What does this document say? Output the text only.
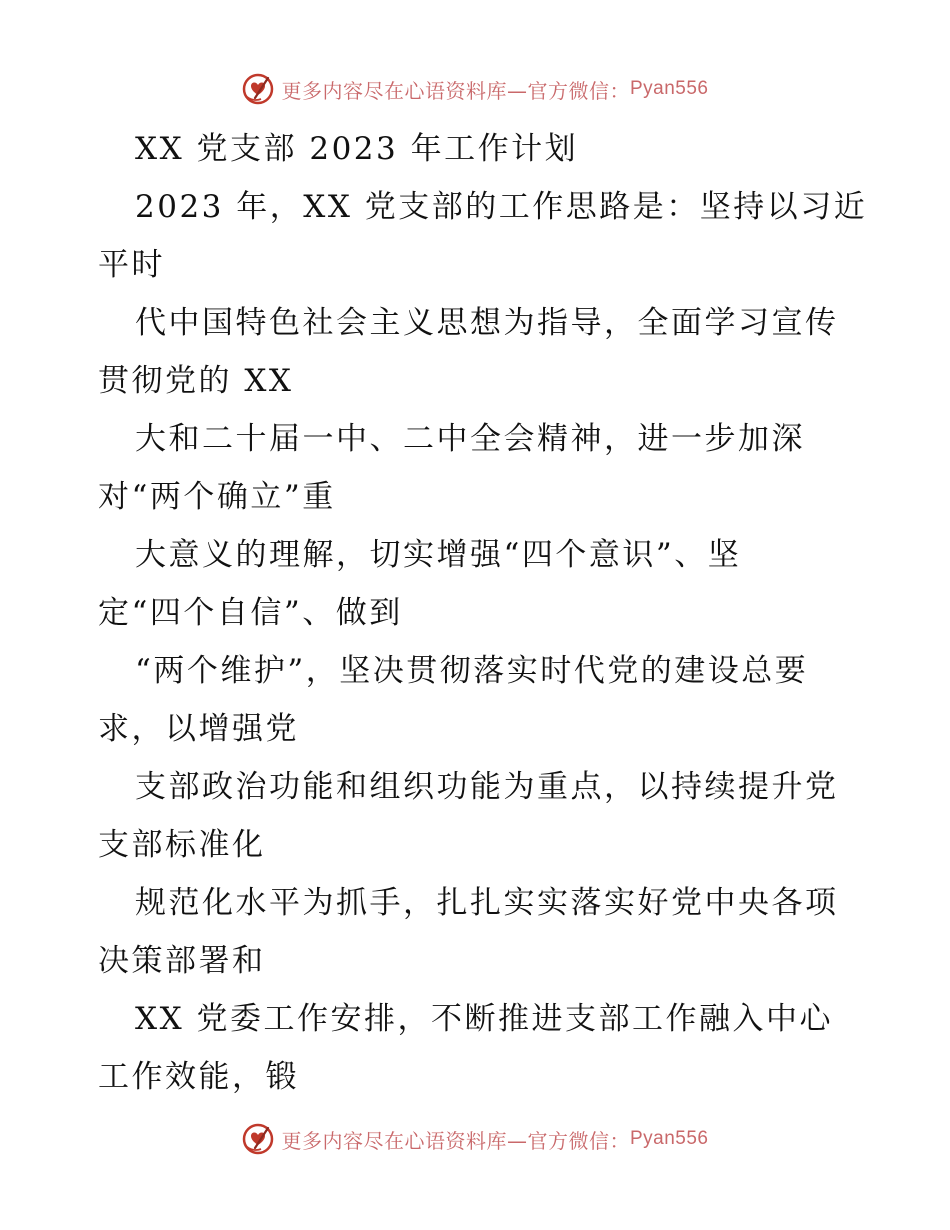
更多内容尽在心语资料库—官方微信： Pyan556
XX 党支部 2023 年工作计划
2023 年，XX 党支部的工作思路是：坚持以习近
平时
代中国特色社会主义思想为指导，全面学习宣传
贯彻党的 XX
大和二十届一中、二中全会精神，进一步加深
对“两个确立”重
大意义的理解，切实增强“四个意识”、坚
定“四个自信”、做到
“两个维护”，坚决贯彻落实时代党的建设总要
求，以增强党
支部政治功能和组织功能为重点，以持续提升党
支部标准化
规范化水平为抓手，扎扎实实落实好党中央各项
决策部署和
XX 党委工作安排，不断推进支部工作融入中心
工作效能，锻
更多内容尽在心语资料库—官方微信： Pyan556
